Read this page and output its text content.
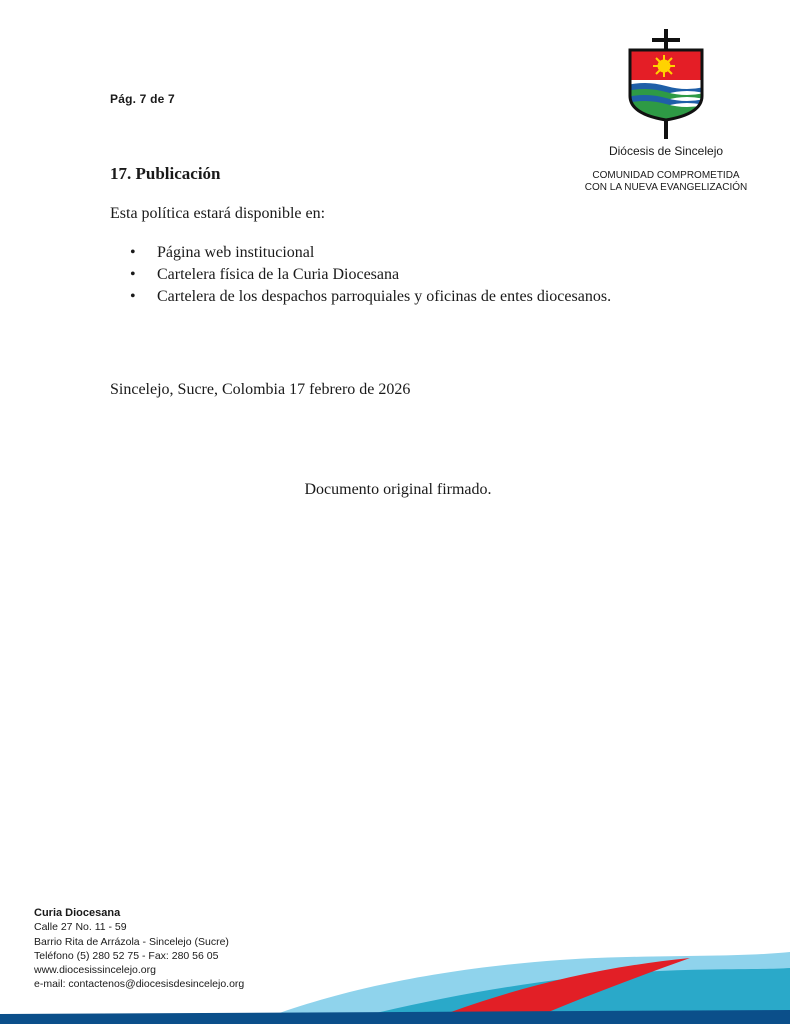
Pág. 7 de 7
Diócesis de Sincelejo
COMUNIDAD COMPROMETIDA
CON LA NUEVA EVANGELIZACIÓN
17. Publicación
Esta política estará disponible en:
• Página web institucional
• Cartelera física de la Curia Diocesana
• Cartelera de los despachos parroquiales y oficinas de entes diocesanos.
Sincelejo, Sucre, Colombia 17 febrero de 2026
Documento original firmado.
Curia Diocesana
Calle 27 No. 11 - 59
Barrio Rita de Arrázola - Sincelejo (Sucre)
Teléfono (5) 280 52 75 - Fax: 280 56 05
www.diocesissincelejo.org
e-mail: contactenos@diocesisdesincelejo.org
